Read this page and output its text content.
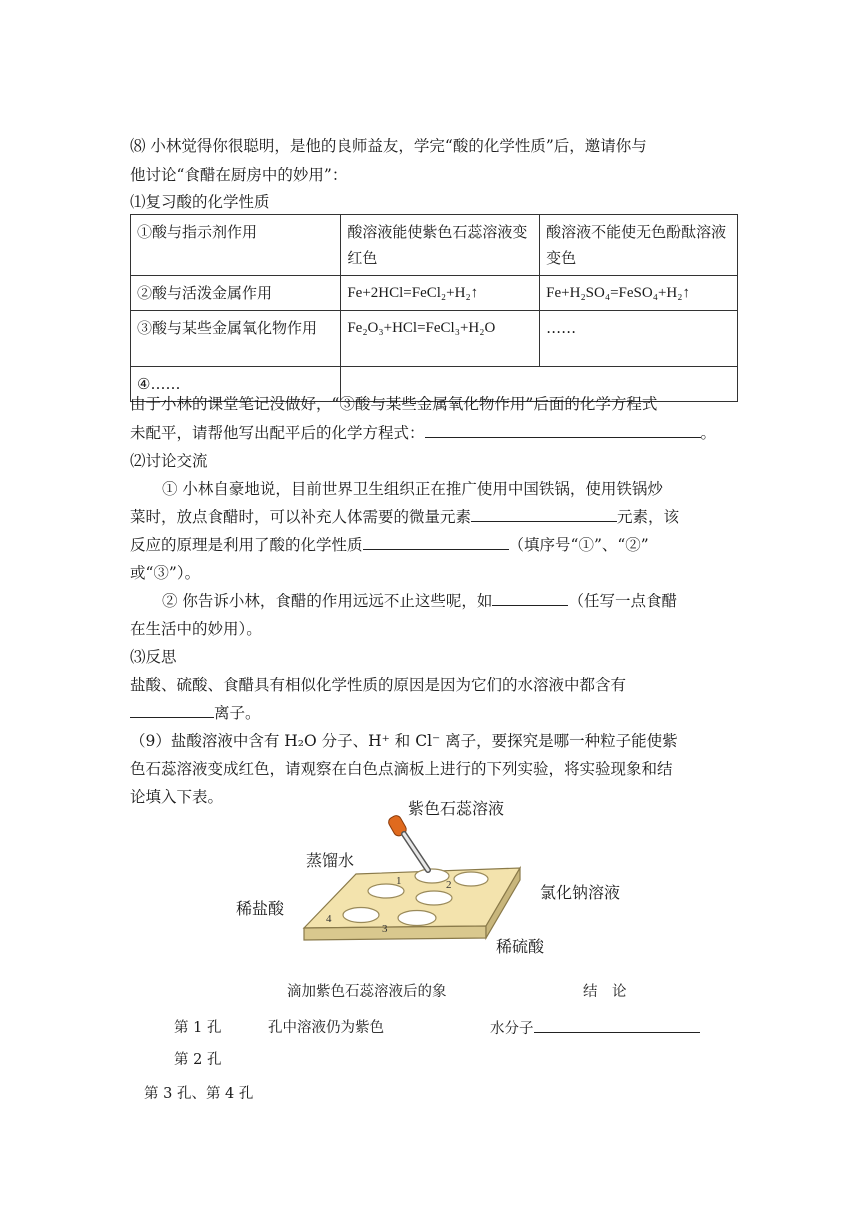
⑻ 小林觉得你很聪明，是他的良师益友，学完“酸的化学性质”后，邀请你与
他讨论“食醋在厨房中的妙用”：
⑴复习酸的化学性质
①酸与指示剂作用	酸溶液能使紫色石蕊溶液变红色	酸溶液不能使无色酚酞溶液变色
②酸与活泼金属作用	Fe+2HCl=FeCl₂+H₂↑	Fe+H₂SO₄=FeSO₄+H₂↑
③酸与某些金属氧化物作用	Fe₂O₃+HCl=FeCl₃+H₂O	……
④……		
由于小林的课堂笔记没做好，“③酸与某些金属氧化物作用”后面的化学方程式
未配平，请帮他写出配平后的化学方程式：	。
⑵讨论交流
① 小林自豪地说，目前世界卫生组织正在推广使用中国铁锅，使用铁锅炒
菜时，放点食醋时，可以补充人体需要的微量元素	元素，该
反应的原理是利用了酸的化学性质	（填序号“①”、“②”
或“③”）。
② 你告诉小林，食醋的作用远远不止这些呢，如	（任写一点食醋
在生活中的妙用）。
⑶反思
盐酸、硫酸、食醋具有相似化学性质的原因是因为它们的水溶液中都含有
离子。
（9）盐酸溶液中含有 H₂O 分子、H⁺ 和 Cl⁻ 离子，要探究是哪一种粒子能使紫
色石蕊溶液变成红色，请观察在白色点滴板上进行的下列实验，将实验现象和结
论填入下表。
1	2
3
4
紫色石蕊溶液
蒸馏水
稀盐酸
氯化钠溶液
稀硫酸
滴加紫色石蕊溶液后的象	结　论
第 1 孔	孔中溶液仍为紫色	水分子
第 2 孔
第 3 孔、第 4 孔
